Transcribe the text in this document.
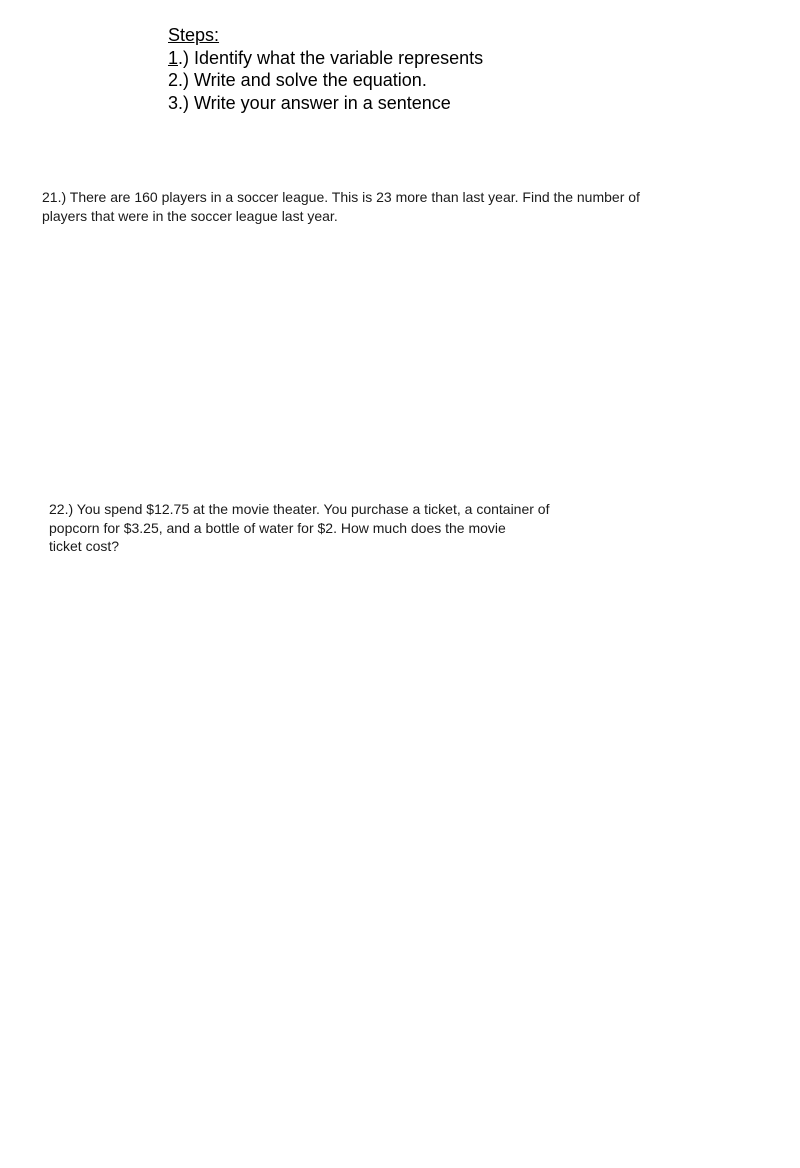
Steps:
1.) Identify what the variable represents
2.) Write and solve the equation.
3.) Write your answer in a sentence
21.) There are 160 players in a soccer league. This is 23 more than last year. Find the number of
players that were in the soccer league last year.
22.) You spend $12.75 at the movie theater. You purchase a ticket, a container of
popcorn for $3.25, and a bottle of water for $2. How much does the movie
ticket cost?
